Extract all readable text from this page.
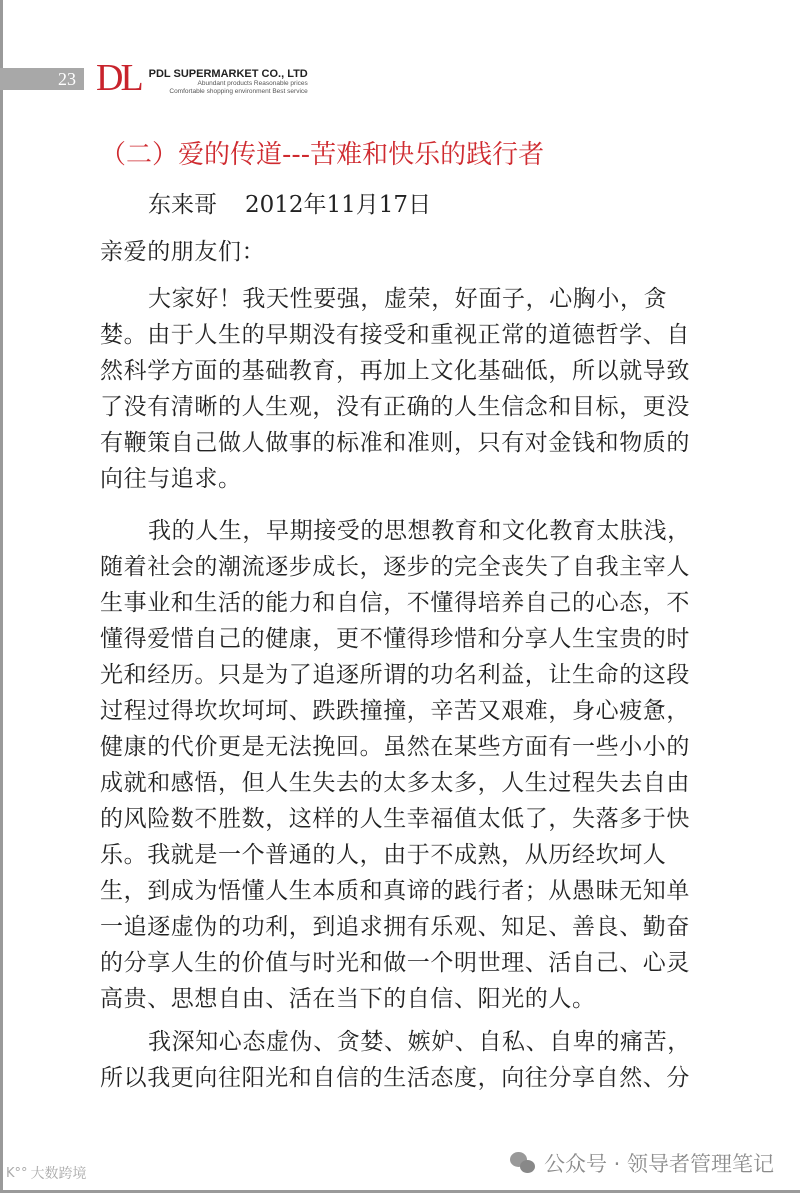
23 DL PDL SUPERMARKET CO., LTD
Abundant products Reasonable prices
Comfortable shopping environment Best service
（二）爱的传道---苦难和快乐的践行者
东来哥 2012年11月17日
亲爱的朋友们：
大家好！我天性要强，虚荣，好面子，心胸小，贪
婪。由于人生的早期没有接受和重视正常的道德哲学、自
然科学方面的基础教育，再加上文化基础低，所以就导致
了没有清晰的人生观，没有正确的人生信念和目标，更没
有鞭策自己做人做事的标准和准则，只有对金钱和物质的
向往与追求。
我的人生，早期接受的思想教育和文化教育太肤浅，
随着社会的潮流逐步成长，逐步的完全丧失了自我主宰人
生事业和生活的能力和自信，不懂得培养自己的心态，不
懂得爱惜自己的健康，更不懂得珍惜和分享人生宝贵的时
光和经历。只是为了追逐所谓的功名利益，让生命的这段
过程过得坎坎坷坷、跌跌撞撞，辛苦又艰难，身心疲惫，
健康的代价更是无法挽回。虽然在某些方面有一些小小的
成就和感悟，但人生失去的太多太多，人生过程失去自由
的风险数不胜数，这样的人生幸福值太低了，失落多于快
乐。我就是一个普通的人，由于不成熟，从历经坎坷人
生，到成为悟懂人生本质和真谛的践行者；从愚昧无知单
一追逐虚伪的功利，到追求拥有乐观、知足、善良、勤奋
的分享人生的价值与时光和做一个明世理、活自己、心灵
高贵、思想自由、活在当下的自信、阳光的人。
我深知心态虚伪、贪婪、嫉妒、自私、自卑的痛苦，
所以我更向往阳光和自信的生活态度，向往分享自然、分
公众号 · 领导者管理笔记
K°° 大数跨境
